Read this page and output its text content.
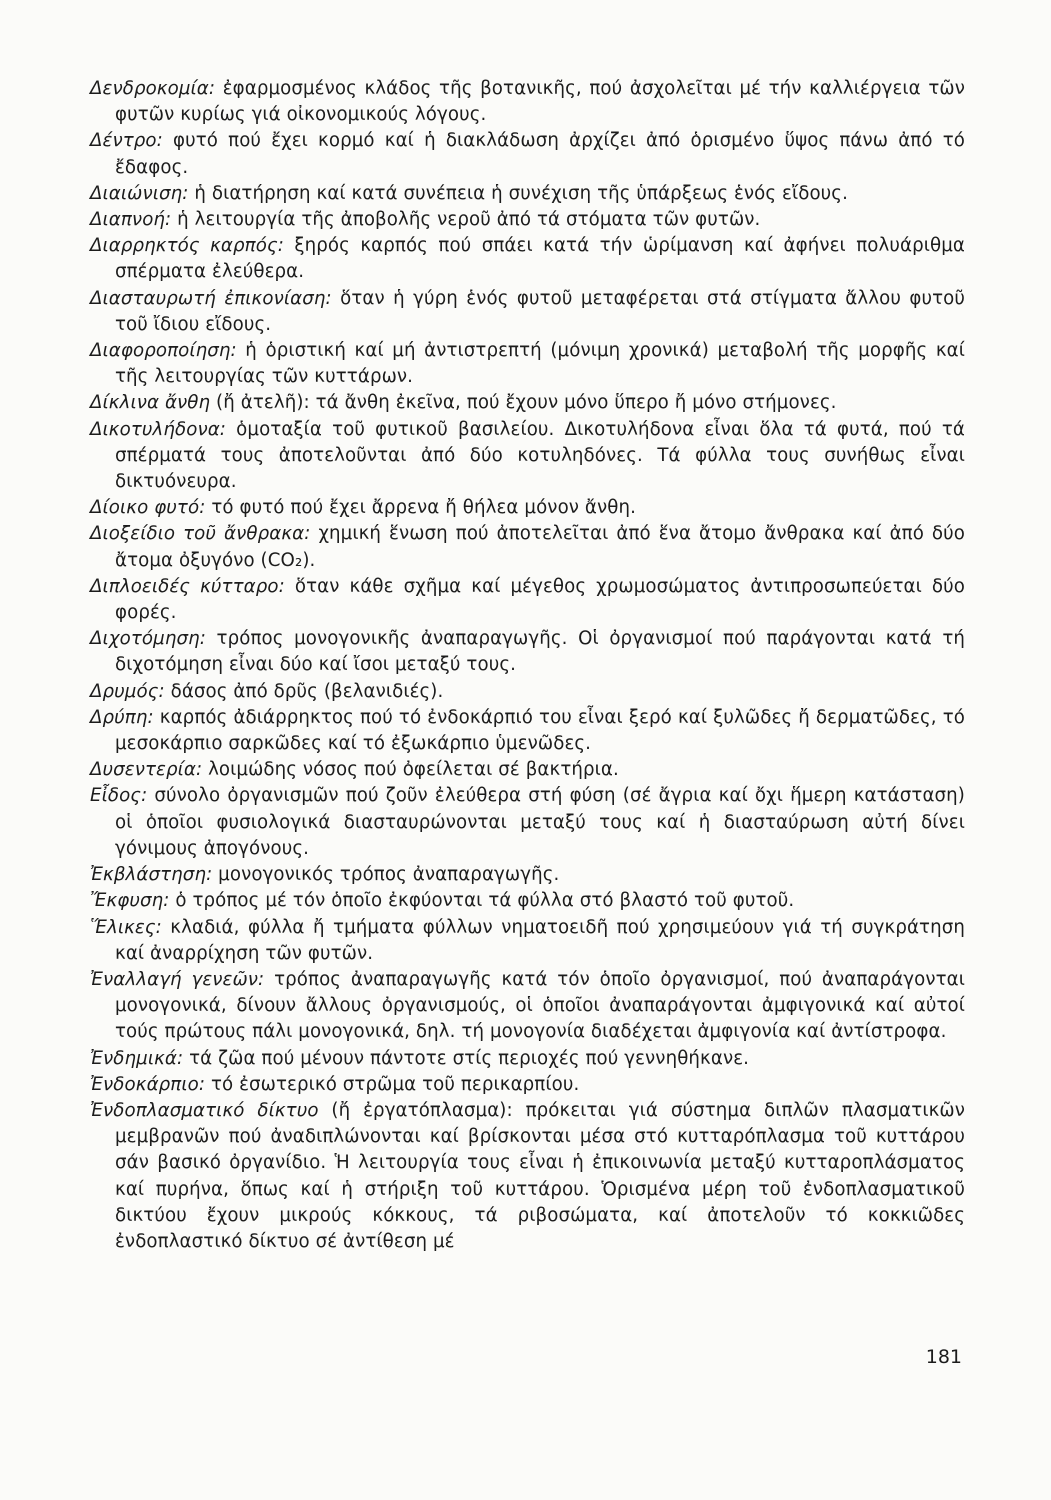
Δενδροκομία: ἐφαρμοσμένος κλάδος τῆς βοτανικῆς, πού ἀσχολεῖται μέ τήν καλλιέργεια τῶν φυτῶν κυρίως γιά οἰκονομικούς λόγους.
Δέντρο: φυτό πού ἔχει κορμό καί ἡ διακλάδωση ἀρχίζει ἀπό ὁρισμένο ὕψος πάνω ἀπό τό ἔδαφος.
Διαιώνιση: ἡ διατήρηση καί κατά συνέπεια ἡ συνέχιση τῆς ὑπάρξεως ἑνός εἴδους.
Διαπνοή: ἡ λειτουργία τῆς ἀποβολῆς νεροῦ ἀπό τά στόματα τῶν φυτῶν.
Διαρρηκτός καρπός: ξηρός καρπός πού σπάει κατά τήν ὡρίμανση καί ἀφήνει πολυάριθμα σπέρματα ἐλεύθερα.
Διασταυρωτή ἐπικονίαση: ὅταν ἡ γύρη ἑνός φυτοῦ μεταφέρεται στά στίγματα ἄλλου φυτοῦ τοῦ ἴδιου εἴδους.
Διαφοροποίηση: ἡ ὁριστική καί μή ἀντιστρεπτή (μόνιμη χρονικά) μεταβολή τῆς μορφῆς καί τῆς λειτουργίας τῶν κυττάρων.
Δίκλινα ἄνθη (ἤ ἀτελῆ): τά ἄνθη ἐκεῖνα, πού ἔχουν μόνο ὕπερο ἤ μόνο στήμονες.
Δικοτυλήδονα: ὁμοταξία τοῦ φυτικοῦ βασιλείου. Δικοτυλήδονα εἶναι ὅλα τά φυτά, πού τά σπέρματά τους ἀποτελοῦνται ἀπό δύο κοτυληδόνες. Τά φύλλα τους συνήθως εἶναι δικτυόνευρα.
Δίοικο φυτό: τό φυτό πού ἔχει ἄρρενα ἤ θήλεα μόνον ἄνθη.
Διοξείδιο τοῦ ἄνθρακα: χημική ἕνωση πού ἀποτελεῖται ἀπό ἕνα ἄτομο ἄνθρακα καί ἀπό δύο ἄτομα ὀξυγόνο (CO₂).
Διπλοειδές κύτταρο: ὅταν κάθε σχῆμα καί μέγεθος χρωμοσώματος ἀντιπροσωπεύεται δύο φορές.
Διχοτόμηση: τρόπος μονογονικῆς ἀναπαραγωγῆς. Οἱ ὀργανισμοί πού παράγονται κατά τή διχοτόμηση εἶναι δύο καί ἴσοι μεταξύ τους.
Δρυμός: δάσος ἀπό δρῦς (βελανιδιές).
Δρύπη: καρπός ἀδιάρρηκτος πού τό ἐνδοκάρπιό του εἶναι ξερό καί ξυλῶδες ἤ δερματῶδες, τό μεσοκάρπιο σαρκῶδες καί τό ἐξωκάρπιο ὑμενῶδες.
Δυσεντερία: λοιμώδης νόσος πού ὀφείλεται σέ βακτήρια.
Εἶδος: σύνολο ὀργανισμῶν πού ζοῦν ἐλεύθερα στή φύση (σέ ἄγρια καί ὄχι ἥμερη κατάσταση) οἱ ὁποῖοι φυσιολογικά διασταυρώνονται μεταξύ τους καί ἡ διασταύρωση αὐτή δίνει γόνιμους ἀπογόνους.
Ἐκβλάστηση: μονογονικός τρόπος ἀναπαραγωγῆς.
Ἔκφυση: ὁ τρόπος μέ τόν ὁποῖο ἐκφύονται τά φύλλα στό βλαστό τοῦ φυτοῦ.
Ἕλικες: κλαδιά, φύλλα ἤ τμήματα φύλλων νηματοειδῆ πού χρησιμεύουν γιά τή συγκράτηση καί ἀναρρίχηση τῶν φυτῶν.
Ἐναλλαγή γενεῶν: τρόπος ἀναπαραγωγῆς κατά τόν ὁποῖο ὀργανισμοί, πού ἀναπαράγονται μονογονικά, δίνουν ἄλλους ὀργανισμούς, οἱ ὁποῖοι ἀναπαράγονται ἀμφιγονικά καί αὐτοί τούς πρώτους πάλι μονογονικά, δηλ. τή μονογονία διαδέχεται ἀμφιγονία καί ἀντίστροφα.
Ἐνδημικά: τά ζῶα πού μένουν πάντοτε στίς περιοχές πού γεννηθήκανε.
Ἐνδοκάρπιο: τό ἐσωτερικό στρῶμα τοῦ περικαρπίου.
Ἐνδοπλασματικό δίκτυο (ἤ ἐργατόπλασμα): πρόκειται γιά σύστημα διπλῶν πλασματικῶν μεμβρανῶν πού ἀναδιπλώνονται καί βρίσκονται μέσα στό κυτταρόπλασμα τοῦ κυττάρου σάν βασικό ὀργανίδιο. Ἡ λειτουργία τους εἶναι ἡ ἐπικοινωνία μεταξύ κυτταροπλάσματος καί πυρήνα, ὅπως καί ἡ στήριξη τοῦ κυττάρου. Ὁρισμένα μέρη τοῦ ἐνδοπλασματικοῦ δικτύου ἔχουν μικρούς κόκκους, τά ριβοσώματα, καί ἀποτελοῦν τό κοκκιῶδες ἐνδοπλαστικό δίκτυο σέ ἀντίθεση μέ
181
